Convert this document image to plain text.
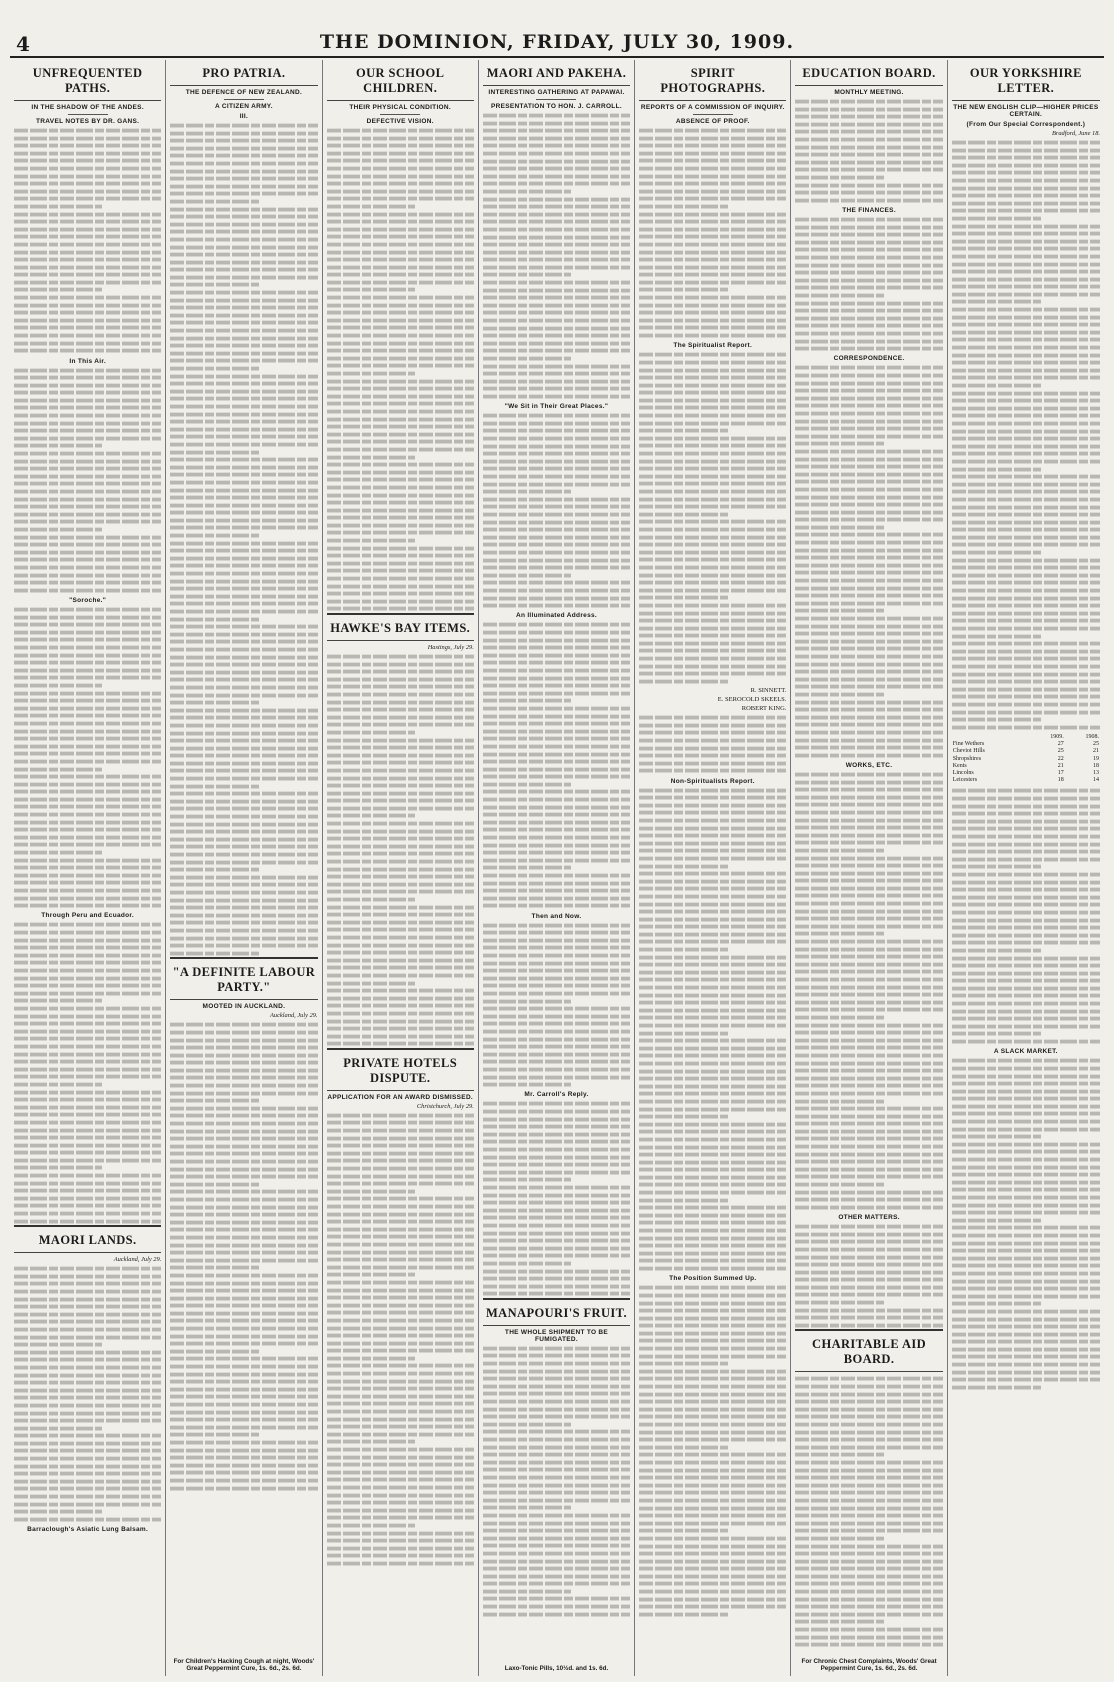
4	THE DOMINION, FRIDAY, JULY 30, 1909.
UNFREQUENTED PATHS.
IN THE SHADOW OF THE ANDES.
TRAVEL NOTES BY DR. GANS.
In This Air.
"Soroche."
Through Peru and Ecuador.
MAORI LANDS.
Auckland, July 29.
Barraclough's Asiatic Lung Balsam.
PRO PATRIA.
THE DEFENCE OF NEW ZEALAND.
A CITIZEN ARMY.
III.
"A DEFINITE LABOUR PARTY."
MOOTED IN AUCKLAND.
Auckland, July 29.
For Children's Hacking Cough at night, Woods' Great Peppermint Cure, 1s. 6d., 2s. 6d.
OUR SCHOOL CHILDREN.
THEIR PHYSICAL CONDITION.
DEFECTIVE VISION.
HAWKE'S BAY ITEMS.
Hastings, July 29.
PRIVATE HOTELS DISPUTE.
APPLICATION FOR AN AWARD DISMISSED.
Christchurch, July 29.
MAORI AND PAKEHA.
INTERESTING GATHERING AT PAPAWAI.
PRESENTATION TO HON. J. CARROLL.
"We Sit in Their Great Places."
An Illuminated Address.
Then and Now.
Mr. Carroll's Reply.
MANAPOURI'S FRUIT.
THE WHOLE SHIPMENT TO BE FUMIGATED.
Laxo-Tonic Pills, 10½d. and 1s. 6d.
SPIRIT PHOTOGRAPHS.
REPORTS OF A COMMISSION OF INQUIRY.
ABSENCE OF PROOF.
The Spiritualist Report.
R. SINNETT.
E. SEROCOLD SKEELS.
ROBERT KING.
Non-Spiritualists Report.
The Position Summed Up.
EDUCATION BOARD.
MONTHLY MEETING.
THE FINANCES.
CORRESPONDENCE.
WORKS, ETC.
OTHER MATTERS.
CHARITABLE AID BOARD.
For Chronic Chest Complaints, Woods' Great Peppermint Cure, 1s. 6d., 2s. 6d.
OUR YORKSHIRE LETTER.
THE NEW ENGLISH CLIP—HIGHER PRICES CERTAIN.
(From Our Special Correspondent.)
Bradford, June 18.
	1909.	1908.
Fine Wethers	27	25
Cheviot Hills	25	21
Shropshires	22	19
Kents	21	18
Lincolns	17	13
Leicesters	18	14
A SLACK MARKET.
